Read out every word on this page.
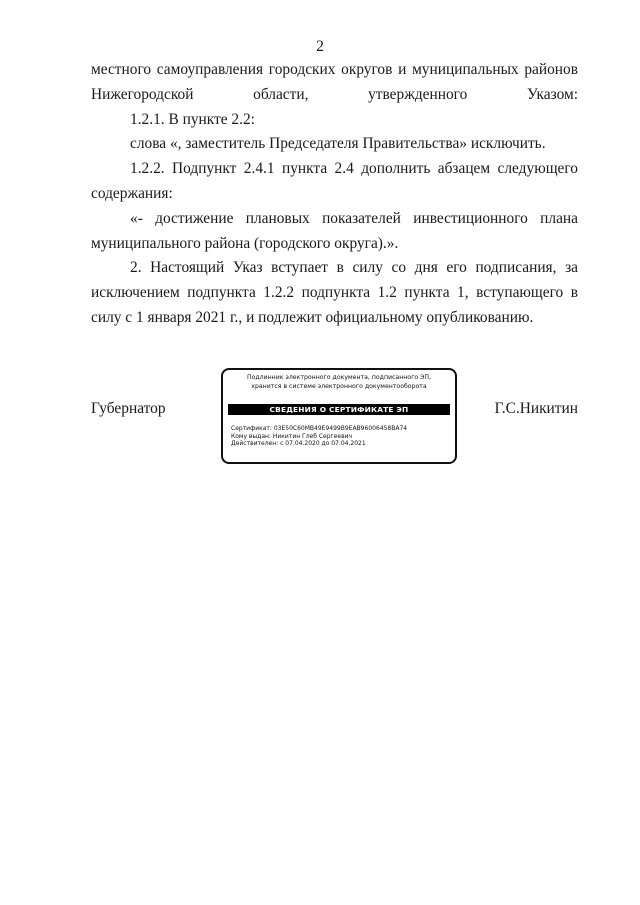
2

местного самоуправления городских округов и муниципальных районов Нижегородской области, утвержденного Указом:

1.2.1. В пункте 2.2:

слова «, заместитель Председателя Правительства» исключить.

1.2.2. Подпункт 2.4.1 пункта 2.4 дополнить абзацем следующего содержания:

«- достижение плановых показателей инвестиционного плана муниципального района (городского округа).».

2. Настоящий Указ вступает в силу со дня его подписания, за исключением подпункта 1.2.2 подпункта 1.2 пункта 1, вступающего в силу с 1 января 2021 г., и подлежит официальному опубликованию.

Губернатор
Подлинник электронного документа, подписанного ЭП,
хранится в системе электронного документооборота
СВЕДЕНИЯ О СЕРТИФИКАТЕ ЭП
Сертификат: 03E50C60MB49E9499B9EAB96006458BA74
Кому выдан: Никитин Глеб Сергеевич
Действителен: с 07.04.2020 до 07.04.2021
Г.С.Никитин
